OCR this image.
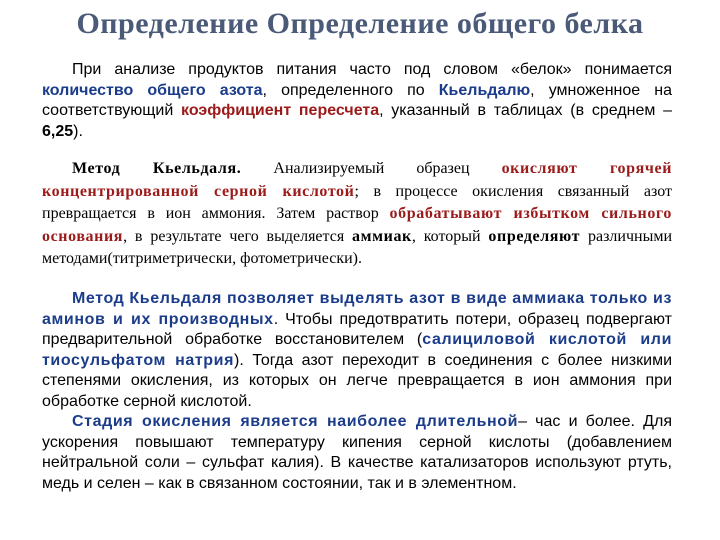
Определение Определение общего белка

При анализе продуктов питания часто под словом «белок» понимается количество общего азота, определенного по Кьельдалю, умноженное на соответствующий коэффициент пересчета, указанный в таблицах (в среднем – 6,25).

Метод Кьельдаля. Анализируемый образец окисляют горячей концентрированной серной кислотой; в процессе окисления связанный азот превращается в ион аммония. Затем раствор обрабатывают избытком сильного основания, в результате чего выделяется аммиак, который определяют различными методами(титриметрически, фотометрически).

Метод Кьельдаля позволяет выделять азот в виде аммиака только из аминов и их производных. Чтобы предотвратить потери, образец подвергают предварительной обработке восстановителем (салициловой кислотой или тиосульфатом натрия). Тогда азот переходит в соединения с более низкими степенями окисления, из которых он легче превращается в ион аммония при обработке серной кислотой.
Стадия окисления является наиболее длительной– час и более. Для ускорения повышают температуру кипения серной кислоты (добавлением нейтральной соли – сульфат калия). В качестве катализаторов используют ртуть, медь и селен – как в связанном состоянии, так и в элементном.
